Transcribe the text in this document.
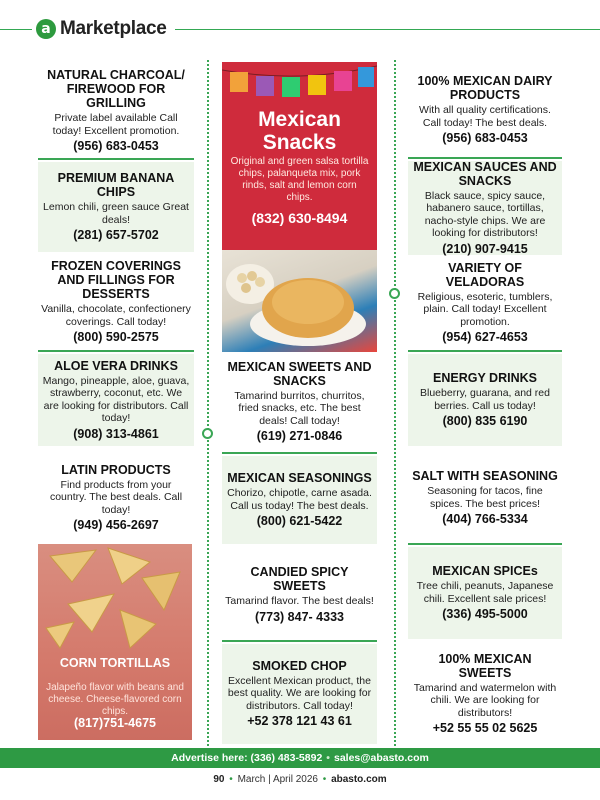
a Marketplace
NATURAL CHARCOAL/ FIREWOOD FOR GRILLING
Private label available Call today! Excellent promotion.
(956) 683-0453
PREMIUM BANANA CHIPS
Lemon chili, green sauce Great deals!
(281) 657-5702
FROZEN COVERINGS AND FILLINGS FOR DESSERTS
Vanilla, chocolate, confectionery coverings. Call today!
(800) 590-2575
ALOE VERA DRINKS
Mango, pineapple, aloe, guava, strawberry, coconut, etc. We are looking for distributors. Call today!
(908) 313-4861
LATIN PRODUCTS
Find products from your country. The best deals. Call today!
(949) 456-2697
CORN TORTILLAS
Jalapeño flavor with beans and cheese. Cheese-flavored corn chips.
(817)751-4675
Mexican Snacks
Original and green salsa tortilla chips, palanqueta mix, pork rinds, salt and lemon corn chips.
(832) 630-8494
MEXICAN SWEETS AND SNACKS
Tamarind burritos, churritos, fried snacks, etc. The best deals! Call today!
(619) 271-0846
MEXICAN SEASONINGS
Chorizo, chipotle, carne asada. Call us today! The best deals.
(800) 621-5422
CANDIED SPICY SWEETS
Tamarind flavor. The best deals!
(773) 847- 4333
SMOKED CHOP
Excellent Mexican product, the best quality. We are looking for distributors. Call today!
+52 378 121 43 61
100% MEXICAN DAIRY PRODUCTS
With all quality certifications. Call today! The best deals.
(956) 683-0453
MEXICAN SAUCES AND SNACKS
Black sauce, spicy sauce, habanero sauce, tortillas, nacho-style chips. We are looking for distributors!
(210) 907-9415
VARIETY OF VELADORAS
Religious, esoteric, tumblers, plain. Call today! Excellent promotion.
(954) 627-4653
ENERGY DRINKS
Blueberry, guarana, and red berries. Call us today!
(800) 835 6190
SALT WITH SEASONING
Seasoning for tacos, fine spices. The best prices!
(404) 766-5334
MEXICAN SPICEs
Tree chili, peanuts, Japanese chili. Excellent sale prices!
(336) 495-5000
100% MEXICAN SWEETS
Tamarind and watermelon with chili. We are looking for distributors!
+52 55 55 02 5625
Advertise here: (336) 483-5892 • sales@abasto.com
90 • March | April 2026 • abasto.com
